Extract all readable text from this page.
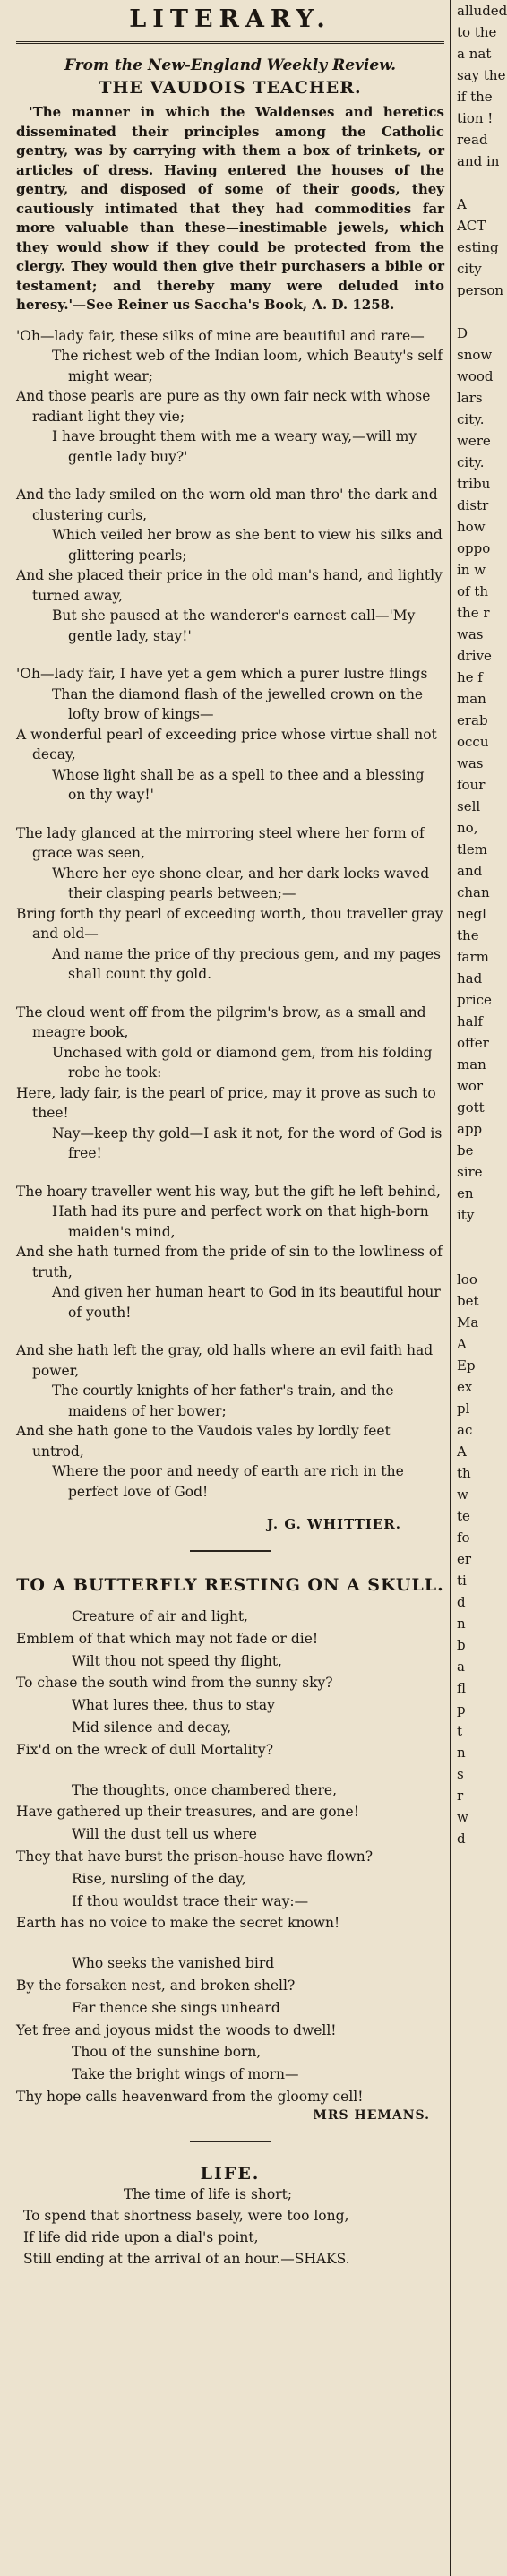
LITERARY.
From the New-England Weekly Review.
THE VAUDOIS TEACHER.
'The manner in which the Waldenses and heretics disseminated their principles among the Catholic gentry, was by carrying with them a box of trinkets, or articles of dress. Having entered the houses of the gentry, and disposed of some of their goods, they cautiously intimated that they had commodities far more valuable than these—inestimable jewels, which they would show if they could be protected from the clergy. They would then give their purchasers a bible or testament; and thereby many were deluded into heresy.'—See Reiner us Saccha's Book, A. D. 1258.
'Oh—lady fair, these silks of mine are beautiful and rare—
The richest web of the Indian loom, which Beauty's self might wear;
And those pearls are pure as thy own fair neck with whose radiant light they vie;
I have brought them with me a weary way,—will my gentle lady buy?'
And the lady smiled on the worn old man thro' the dark and clustering curls,
Which veiled her brow as she bent to view his silks and glittering pearls;
And she placed their price in the old man's hand, and lightly turned away,
But she paused at the wanderer's earnest call—'My gentle lady, stay!'
'Oh—lady fair, I have yet a gem which a purer lustre flings
Than the diamond flash of the jewelled crown on the lofty brow of kings—
A wonderful pearl of exceeding price whose virtue shall not decay,
Whose light shall be as a spell to thee and a blessing on thy way!'
The lady glanced at the mirroring steel where her form of grace was seen,
Where her eye shone clear, and her dark locks waved their clasping pearls between;—
Bring forth thy pearl of exceeding worth, thou traveller gray and old—
And name the price of thy precious gem, and my pages shall count thy gold.
The cloud went off from the pilgrim's brow, as a small and meagre book,
Unchased with gold or diamond gem, from his folding robe he took:
Here, lady fair, is the pearl of price, may it prove as such to thee!
Nay—keep thy gold—I ask it not, for the word of God is free!
The hoary traveller went his way, but the gift he left behind,
Hath had its pure and perfect work on that high-born maiden's mind,
And she hath turned from the pride of sin to the lowliness of truth,
And given her human heart to God in its beautiful hour of youth!
And she hath left the gray, old halls where an evil faith had power,
The courtly knights of her father's train, and the maidens of her bower;
And she hath gone to the Vaudois vales by lordly feet untrod,
Where the poor and needy of earth are rich in the perfect love of God!
J. G. WHITTIER.
TO A BUTTERFLY RESTING ON A SKULL.
Creature of air and light,
Emblem of that which may not fade or die!
Wilt thou not speed thy flight,
To chase the south wind from the sunny sky?
What lures thee, thus to stay
Mid silence and decay,
Fix'd on the wreck of dull Mortality?
The thoughts, once chambered there,
Have gathered up their treasures, and are gone!
Will the dust tell us where
They that have burst the prison-house have flown?
Rise, nursling of the day,
If thou wouldst trace their way:—
Earth has no voice to make the secret known!
Who seeks the vanished bird
By the forsaken nest, and broken shell?
Far thence she sings unheard
Yet free and joyous midst the woods to dwell!
Thou of the sunshine born,
Take the bright wings of morn—
Thy hope calls heavenward from the gloomy cell!
MRS HEMANS.
LIFE.
The time of life is short;
To spend that shortness basely, were too long,
If life did ride upon a dial's point,
Still ending at the arrival of an hour.—SHAKS.
alluded
to the
a nat
say the
if the
tion !
read
and in

A
ACT
esting
city
person

D
snow
wood
lars
city.
were
city.
tribu
distr
how
oppo
in w
of th
the r
was
drive
he f
man
erab
occu
was
four
sell
no,
tlem
and
chan
negl
the
farm
had
price
half
offer
man
wor
gott
app
be
sire
en
ity

loo
bet
Ma
A
Ep
ex
pl
ac
A
th
w
te
fo
er
ti
d
n
b
a
fl
p
t
n
s
r
w
d
